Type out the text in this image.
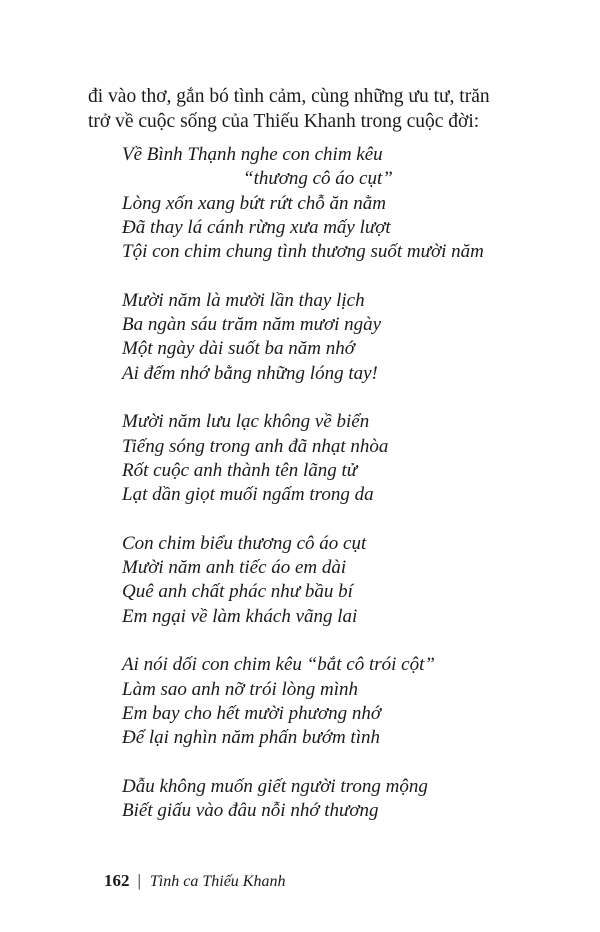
đi vào thơ, gắn bó tình cảm, cùng những ưu tư, trăn
trở về cuộc sống của Thiếu Khanh trong cuộc đời:
Về Bình Thạnh nghe con chim kêu
“thương cô áo cụt”
Lòng xốn xang bứt rứt chỗ ăn nằm
Đã thay lá cánh rừng xưa mấy lượt
Tội con chim chung tình thương suốt mười năm
Mười năm là mười lần thay lịch
Ba ngàn sáu trăm năm mươi ngày
Một ngày dài suốt ba năm nhớ
Ai đếm nhớ bằng những lóng tay!
Mười năm lưu lạc không về biển
Tiếng sóng trong anh đã nhạt nhòa
Rốt cuộc anh thành tên lãng tử
Lạt dần giọt muối ngấm trong da
Con chim biểu thương cô áo cụt
Mười năm anh tiếc áo em dài
Quê anh chất phác như bầu bí
Em ngại về làm khách vãng lai
Ai nói dối con chim kêu “bắt cô trói cột”
Làm sao anh nỡ trói lòng mình
Em bay cho hết mười phương nhớ
Để lại nghìn năm phấn bướm tình
Dẫu không muốn giết người trong mộng
Biết giấu vào đâu nỗi nhớ thương
162 | Tình ca Thiếu Khanh
